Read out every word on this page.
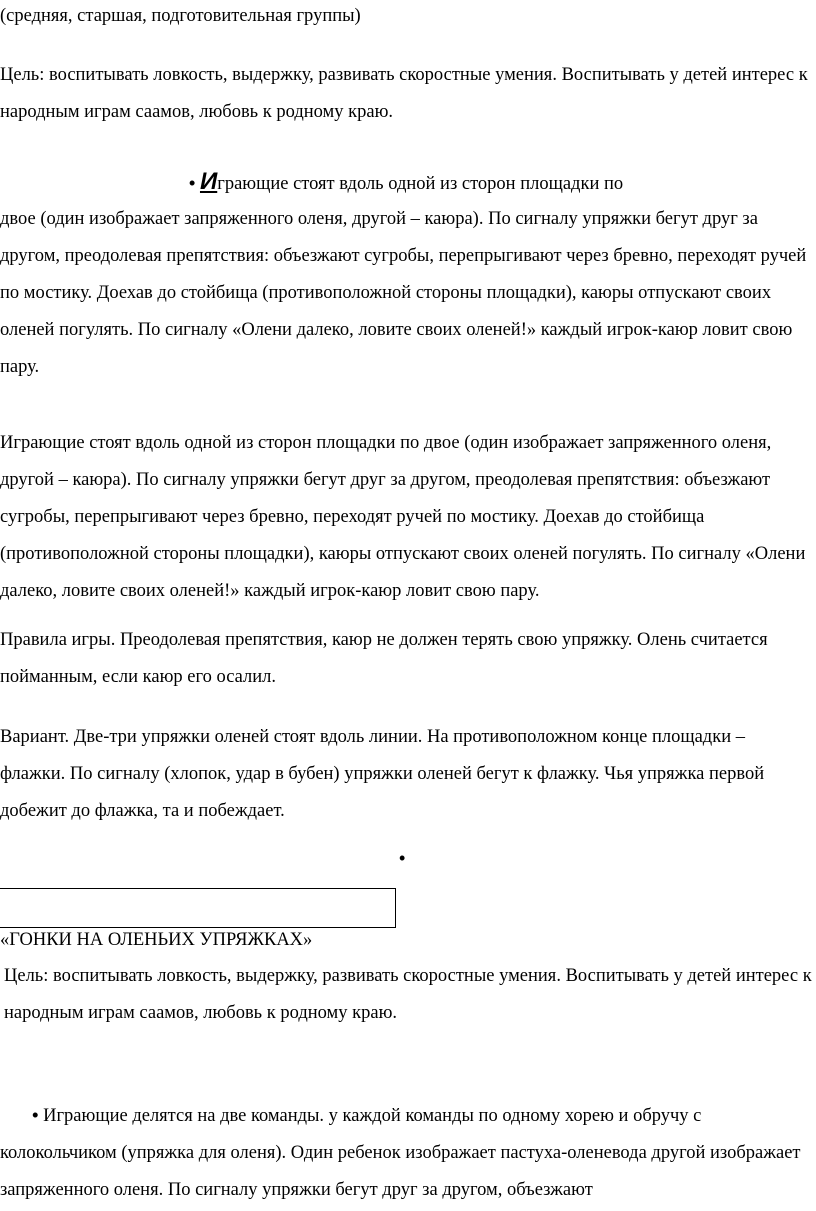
(средняя, старшая, подготовительная группы)

Цель: воспитывать ловкость, выдержку, развивать скоростные умения. Воспитывать у детей интерес к народным играм саамов, любовь к родному краю.

• Играющие стоят вдоль одной из сторон площадки по

двое (один изображает запряженного оленя, другой – каюра). По сигналу упряжки бегут друг за другом, преодолевая препятствия: объезжают сугробы, перепрыгивают через бревно, переходят ручей по мостику. Доехав до стойбища (противоположной стороны площадки), каюры отпускают своих оленей погулять. По сигналу «Олени далеко, ловите своих оленей!» каждый игрок-каюр ловит свою пару.

Играющие стоят вдоль одной из сторон площадки по двое (один изображает запряженного оленя, другой – каюра). По сигналу упряжки бегут друг за другом, преодолевая препятствия: объезжают сугробы, перепрыгивают через бревно, переходят ручей по мостику. Доехав до стойбища (противоположной стороны площадки), каюры отпускают своих оленей погулять. По сигналу «Олени далеко, ловите своих оленей!» каждый игрок-каюр ловит свою пару.

Правила игры. Преодолевая препятствия, каюр не должен терять свою упряжку. Олень считается пойманным, если каюр его осалил.

Вариант. Две-три упряжки оленей стоят вдоль линии. На противоположном конце площадки – флажки. По сигналу (хлопок, удар в бубен) упряжки оленей бегут к флажку. Чья упряжка первой добежит до флажка, та и побеждает.

•

«ГОНКИ НА ОЛЕНЬИХ УПРЯЖКАХ»

Цель: воспитывать ловкость, выдержку, развивать скоростные умения. Воспитывать у детей интерес к народным играм саамов, любовь к родному краю.

• Играющие делятся на две команды. у каждой команды по одному хорею и обручу с колокольчиком (упряжка для оленя). Один ребенок изображает пастуха-оленевода другой изображает запряженного оленя. По сигналу упряжки бегут друг за другом, объезжают
